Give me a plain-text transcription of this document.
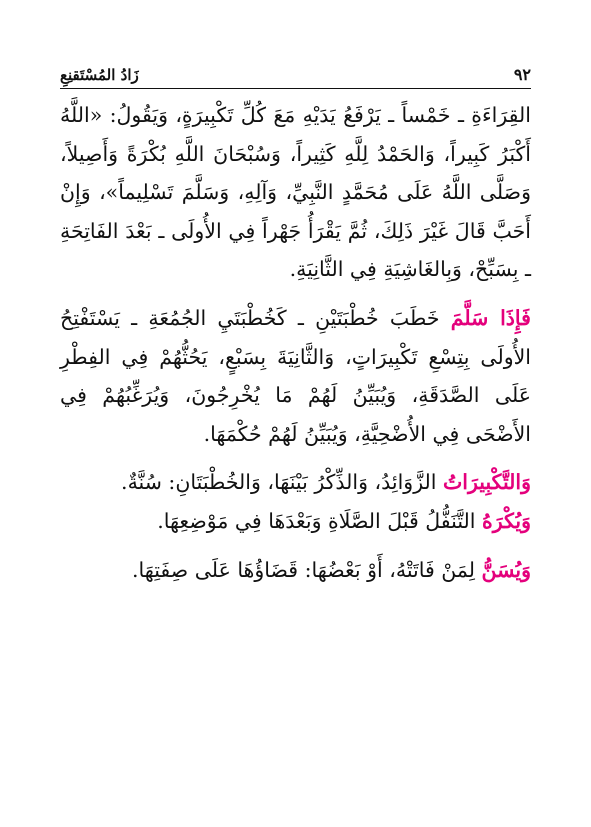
٩٢
زَادُ المُسْتَقنِعِ

القِرَاءَةِ ـ خَمْساً ـ يَرْفَعُ يَدَيْهِ مَعَ كُلِّ تَكْبِيرَةٍ، وَيَقُولُ: «اللَّهُ أَكْبَرُ كَبِيراً، وَالحَمْدُ لِلَّهِ كَثِيراً، وَسُبْحَانَ اللَّهِ بُكْرَةً وَأَصِيلاً، وَصَلَّى اللَّهُ عَلَى مُحَمَّدٍ النَّبِيِّ، وَآلِهِ، وَسَلَّمَ تَسْلِيماً»، وَإِنْ أَحَبَّ قَالَ غَيْرَ ذَلِكَ، ثُمَّ يَقْرَأُ جَهْراً فِي الأُولَى ـ بَعْدَ الفَاتِحَةِ ـ بِسَبِّحْ، وَبِالغَاشِيَةِ فِي الثَّانِيَةِ.

فَإِذَا سَلَّمَ خَطَبَ خُطْبَتَيْنِ ـ كَخُطْبَتَيِ الجُمُعَةِ ـ يَسْتَفْتِحُ الأُولَى بِتِسْعِ تَكْبِيرَاتٍ، وَالثَّانِيَةَ بِسَبْعٍ، يَحُثُّهُمْ فِي الفِطْرِ عَلَى الصَّدَقَةِ، وَيُبَيِّنُ لَهُمْ مَا يُخْرِجُونَ، وَيُرَغِّبُهُمْ فِي الأَضْحَى فِي الأُضْحِيَّةِ، وَيُبَيِّنُ لَهُمْ حُكْمَهَا.

وَالتَّكْبِيرَاتُ الزَّوَائِدُ، وَالذِّكْرُ بَيْنَهَا، وَالخُطْبَتَانِ: سُنَّةٌ.

وَيُكْرَهُ التَّنَفُّلُ قَبْلَ الصَّلَاةِ وَبَعْدَهَا فِي مَوْضِعِهَا.

وَيُسَنُّ لِمَنْ فَاتَتْهُ، أَوْ بَعْضُهَا: قَضَاؤُهَا عَلَى صِفَتِهَا.
